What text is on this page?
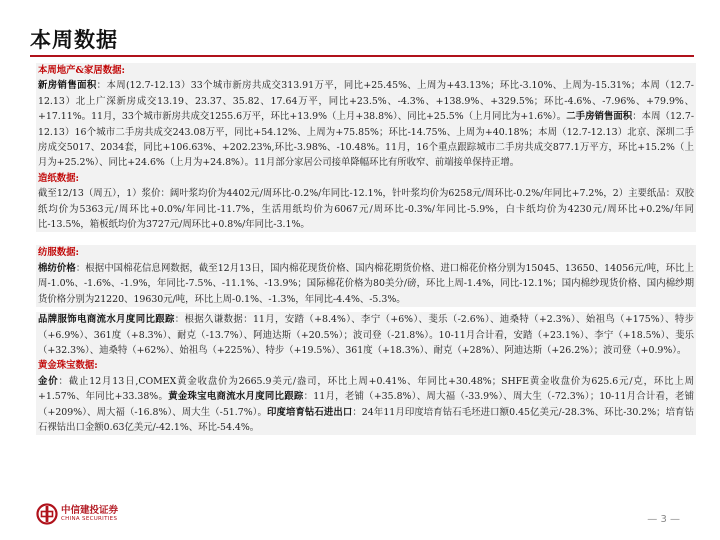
本周数据

本周地产&家居数据:
新房销售面积：本周(12.7-12.13）33个城市新房共成交313.91万平，同比+25.45%、上周为+43.13%；环比-3.10%、上周为-15.31%；本周（12.7-12.13）北上广深新房成交13.19、23.37、35.82、17.64万平，同比+23.5%、-4.3%、+138.9%、+329.5%；环比-4.6%、-7.96%、+79.9%、+17.11%。11月，33个城市新房共成交1255.6万平，环比+13.9%（上月+38.8%）、同比+25.5%（上月同比为+1.6%）。二手房销售面积：本周（12.7-12.13）16个城市二手房共成交243.08万平，同比+54.12%、上周为+75.85%；环比-14.75%、上周为+40.18%；本周（12.7-12.13）北京、深圳二手房成交5017、2034套，同比+106.63%、+202.23%,环比-3.98%、-10.48%。11月，16个重点跟踪城市二手房共成交877.1万平方，环比+15.2%（上月为+25.2%）、同比+24.6%（上月为+24.8%）。11月部分家居公司接单降幅环比有所收窄、前端接单保持正增。

造纸数据:
截至12/13（周五），1）浆价：阔叶浆均价为4402元/周环比-0.2%/年同比-12.1%，针叶浆均价为6258元/周环比-0.2%/年同比+7.2%，2）主要纸品：双胶纸均价为5363元/周环比+0.0%/年同比-11.7%，生活用纸均价为6067元/周环比-0.3%/年同比-5.9%，白卡纸均价为4230元/周环比+0.2%/年同比-13.5%，箱板纸均价为3727元/周环比+0.8%/年同比-3.1%。

纺服数据:
棉纺价格：根据中国棉花信息网数据，截至12月13日，国内棉花现货价格、国内棉花期货价格、进口棉花价格分别为15045、13650、14056元/吨，环比上周-1.0%、-1.6%、-1.9%，年同比-7.5%、-11.1%、-13.9%；国际棉花价格为80美分/磅，环比上周-1.4%，同比-12.1%；国内棉纱现货价格、国内棉纱期货价格分别为21220、19630元/吨，环比上周-0.1%、-1.3%，年同比-4.4%、-5.3%。

品牌服饰电商流水月度同比跟踪：根据久谦数据：11月，安踏（+8.4%）、李宁（+6%）、斐乐（-2.6%）、迪桑特（+2.3%）、始祖鸟（+175%）、特步（+6.9%）、361度（+8.3%）、耐克（-13.7%）、阿迪达斯（+20.5%）；波司登（-21.8%）。10-11月合计看，安踏（+23.1%）、李宁（+18.5%）、斐乐（+32.3%）、迪桑特（+62%）、始祖鸟（+225%）、特步（+19.5%）、361度（+18.3%）、耐克（+28%）、阿迪达斯（+26.2%）；波司登（+0.9%）。

黄金珠宝数据:
金价：截止12月13日,COMEX黄金收盘价为2665.9美元/盎司，环比上周+0.41%、年同比+30.48%；SHFE黄金收盘价为625.6元/克，环比上周+1.57%、年同比+33.38%。黄金珠宝电商流水月度同比跟踪：11月，老铺（+35.8%）、周大福（-33.9%）、周大生（-72.3%）；10-11月合计看，老铺（+209%）、周大福（-16.8%）、周大生（-51.7%）。印度培育钻石进出口：24年11月印度培育钻石毛坯进口额0.45亿美元/-28.3%、环比-30.2%；培育钻石裸钻出口金额0.63亿美元/-42.1%、环比-54.4%。

中信建投证券
CHINA SECURITIES	— 3 —
